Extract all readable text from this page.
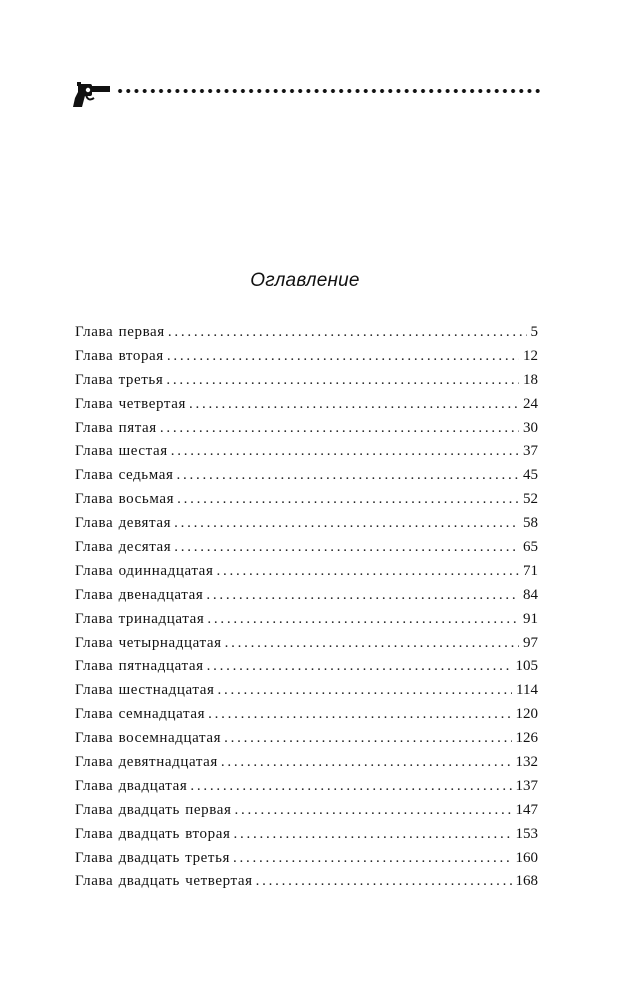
Оглавление
Глава первая . . .	5
Глава вторая . . .	12
Глава третья . . .	18
Глава четвертая . . .	24
Глава пятая . . .	30
Глава шестая . . .	37
Глава седьмая . . .	45
Глава восьмая . . .	52
Глава девятая . . .	58
Глава десятая . . .	65
Глава одиннадцатая . . .	71
Глава двенадцатая . . .	84
Глава тринадцатая . . .	91
Глава четырнадцатая . . .	97
Глава пятнадцатая . . .	105
Глава шестнадцатая . . .	114
Глава семнадцатая . . .	120
Глава восемнадцатая . . .	126
Глава девятнадцатая . . .	132
Глава двадцатая . . .	137
Глава двадцать первая . . .	147
Глава двадцать вторая . . .	153
Глава двадцать третья . . .	160
Глава двадцать четвертая . . .	168
